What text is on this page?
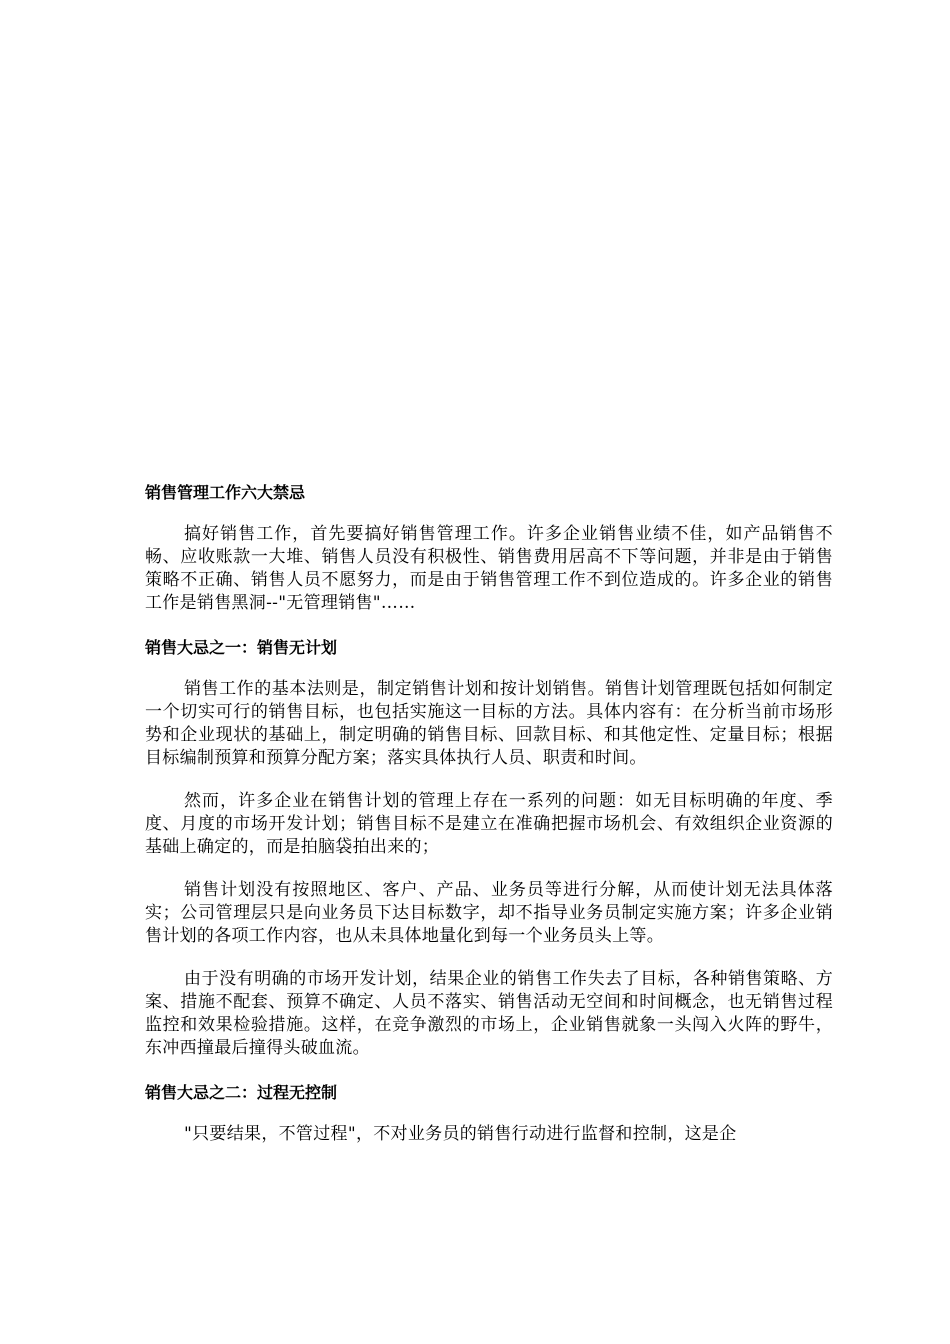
销售管理工作六大禁忌

搞好销售工作，首先要搞好销售管理工作。许多企业销售业绩不佳，如产品销售不畅、应收账款一大堆、销售人员没有积极性、销售费用居高不下等问题，并非是由于销售策略不正确、销售人员不愿努力，而是由于销售管理工作不到位造成的。许多企业的销售工作是销售黑洞--"无管理销售"……

销售大忌之一：销售无计划

销售工作的基本法则是，制定销售计划和按计划销售。销售计划管理既包括如何制定一个切实可行的销售目标，也包括实施这一目标的方法。具体内容有：在分析当前市场形势和企业现状的基础上，制定明确的销售目标、回款目标、和其他定性、定量目标；根据目标编制预算和预算分配方案；落实具体执行人员、职责和时间。

然而，许多企业在销售计划的管理上存在一系列的问题：如无目标明确的年度、季度、月度的市场开发计划；销售目标不是建立在准确把握市场机会、有效组织企业资源的基础上确定的，而是拍脑袋拍出来的；

销售计划没有按照地区、客户、产品、业务员等进行分解，从而使计划无法具体落实；公司管理层只是向业务员下达目标数字，却不指导业务员制定实施方案；许多企业销售计划的各项工作内容，也从未具体地量化到每一个业务员头上等。

由于没有明确的市场开发计划，结果企业的销售工作失去了目标，各种销售策略、方案、措施不配套、预算不确定、人员不落实、销售活动无空间和时间概念，也无销售过程监控和效果检验措施。这样，在竞争激烈的市场上，企业销售就象一头闯入火阵的野牛，东冲西撞最后撞得头破血流。

销售大忌之二：过程无控制

"只要结果，不管过程"，不对业务员的销售行动进行监督和控制，这是企
